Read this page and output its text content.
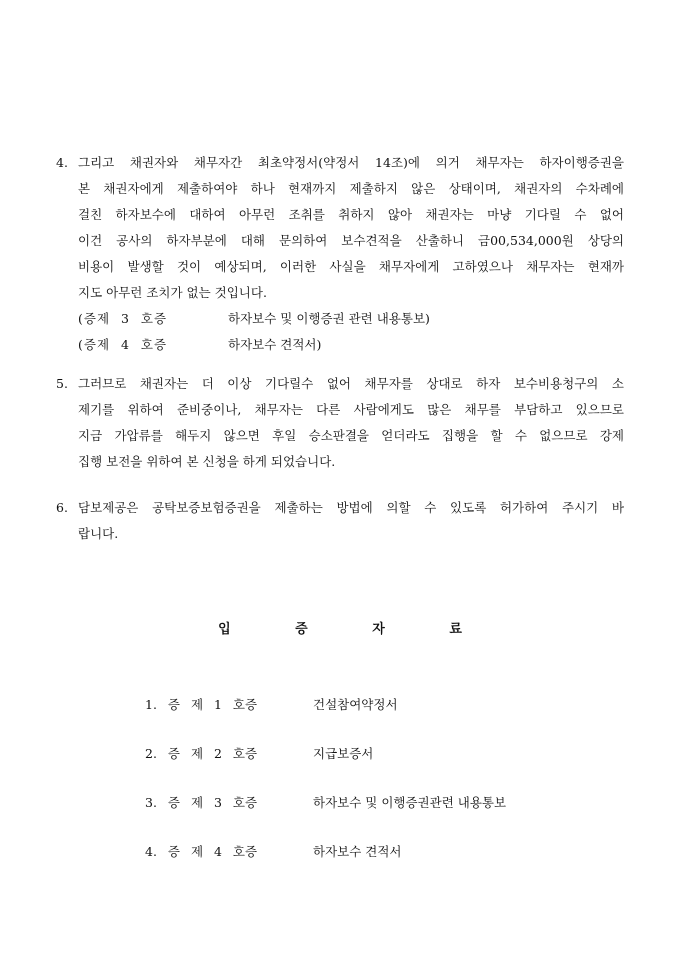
4. 그리고 채권자와 채무자간 최초약정서(약정서 14조)에 의거 채무자는 하자이행증권을
본 채권자에게 제출하여야 하나 현재까지 제출하지 않은 상태이며, 채권자의 수차례에
걸친 하자보수에 대하여 아무런 조취를 취하지 않아 채권자는 마냥 기다릴 수 없어
이건 공사의 하자부분에 대해 문의하여 보수견적을 산출하니 금00,534,000원 상당의
비용이 발생할 것이 예상되며, 이러한 사실을 채무자에게 고하였으나 채무자는 현재까
지도 아무런 조치가 없는 것입니다.
(증제 3 호증	하자보수 및 이행증권 관련 내용통보)
(증제 4 호증	하자보수 견적서)
5. 그러므로 채권자는 더 이상 기다릴수 없어 채무자를 상대로 하자 보수비용청구의 소
제기를 위하여 준비중이나, 채무자는 다른 사람에게도 많은 채무를 부담하고 있으므로
지금 가압류를 해두지 않으면 후일 승소판결을 얻더라도 집행을 할 수 없으므로 강제
집행 보전을 위하여 본 신청을 하게 되었습니다.
6. 담보제공은 공탁보증보험증권을 제출하는 방법에 의할 수 있도록 허가하여 주시기 바
랍니다.
입 증 자 료
1. 증 제 1 호증	건설참여약정서
2. 증 제 2 호증	지급보증서
3. 증 제 3 호증	하자보수 및 이행증권관련 내용통보
4. 증 제 4 호증	하자보수 견적서
